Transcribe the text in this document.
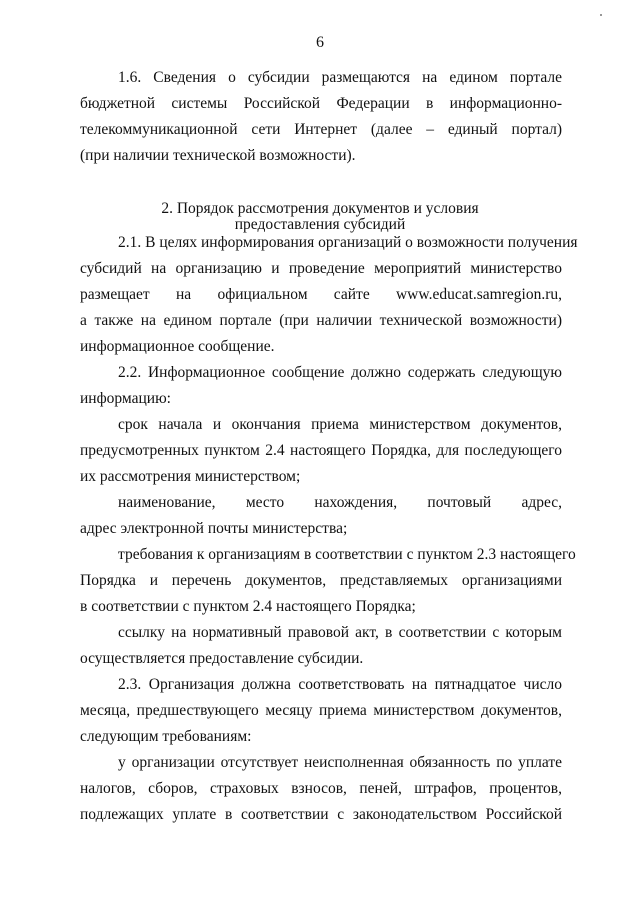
6
1.6. Сведения о субсидии размещаются на едином портале
бюджетной системы Российской Федерации в информационно-
телекоммуникационной сети Интернет (далее – единый портал)
(при наличии технической возможности).
2. Порядок рассмотрения документов и условия
предоставления субсидий
2.1. В целях информирования организаций о возможности получения
субсидий на организацию и проведение мероприятий министерство
размещает на официальном сайте www.educat.samregion.ru,
а также на едином портале (при наличии технической возможности)
информационное сообщение.
2.2. Информационное сообщение должно содержать следующую
информацию:
срок начала и окончания приема министерством документов,
предусмотренных пунктом 2.4 настоящего Порядка, для последующего
их рассмотрения министерством;
наименование, место нахождения, почтовый адрес,
адрес электронной почты министерства;
требования к организациям в соответствии с пунктом 2.3 настоящего
Порядка и перечень документов, представляемых организациями
в соответствии с пунктом 2.4 настоящего Порядка;
ссылку на нормативный правовой акт, в соответствии с которым
осуществляется предоставление субсидии.
2.3. Организация должна соответствовать на пятнадцатое число
месяца, предшествующего месяцу приема министерством документов,
следующим требованиям:
у организации отсутствует неисполненная обязанность по уплате
налогов, сборов, страховых взносов, пеней, штрафов, процентов,
подлежащих уплате в соответствии с законодательством Российской
